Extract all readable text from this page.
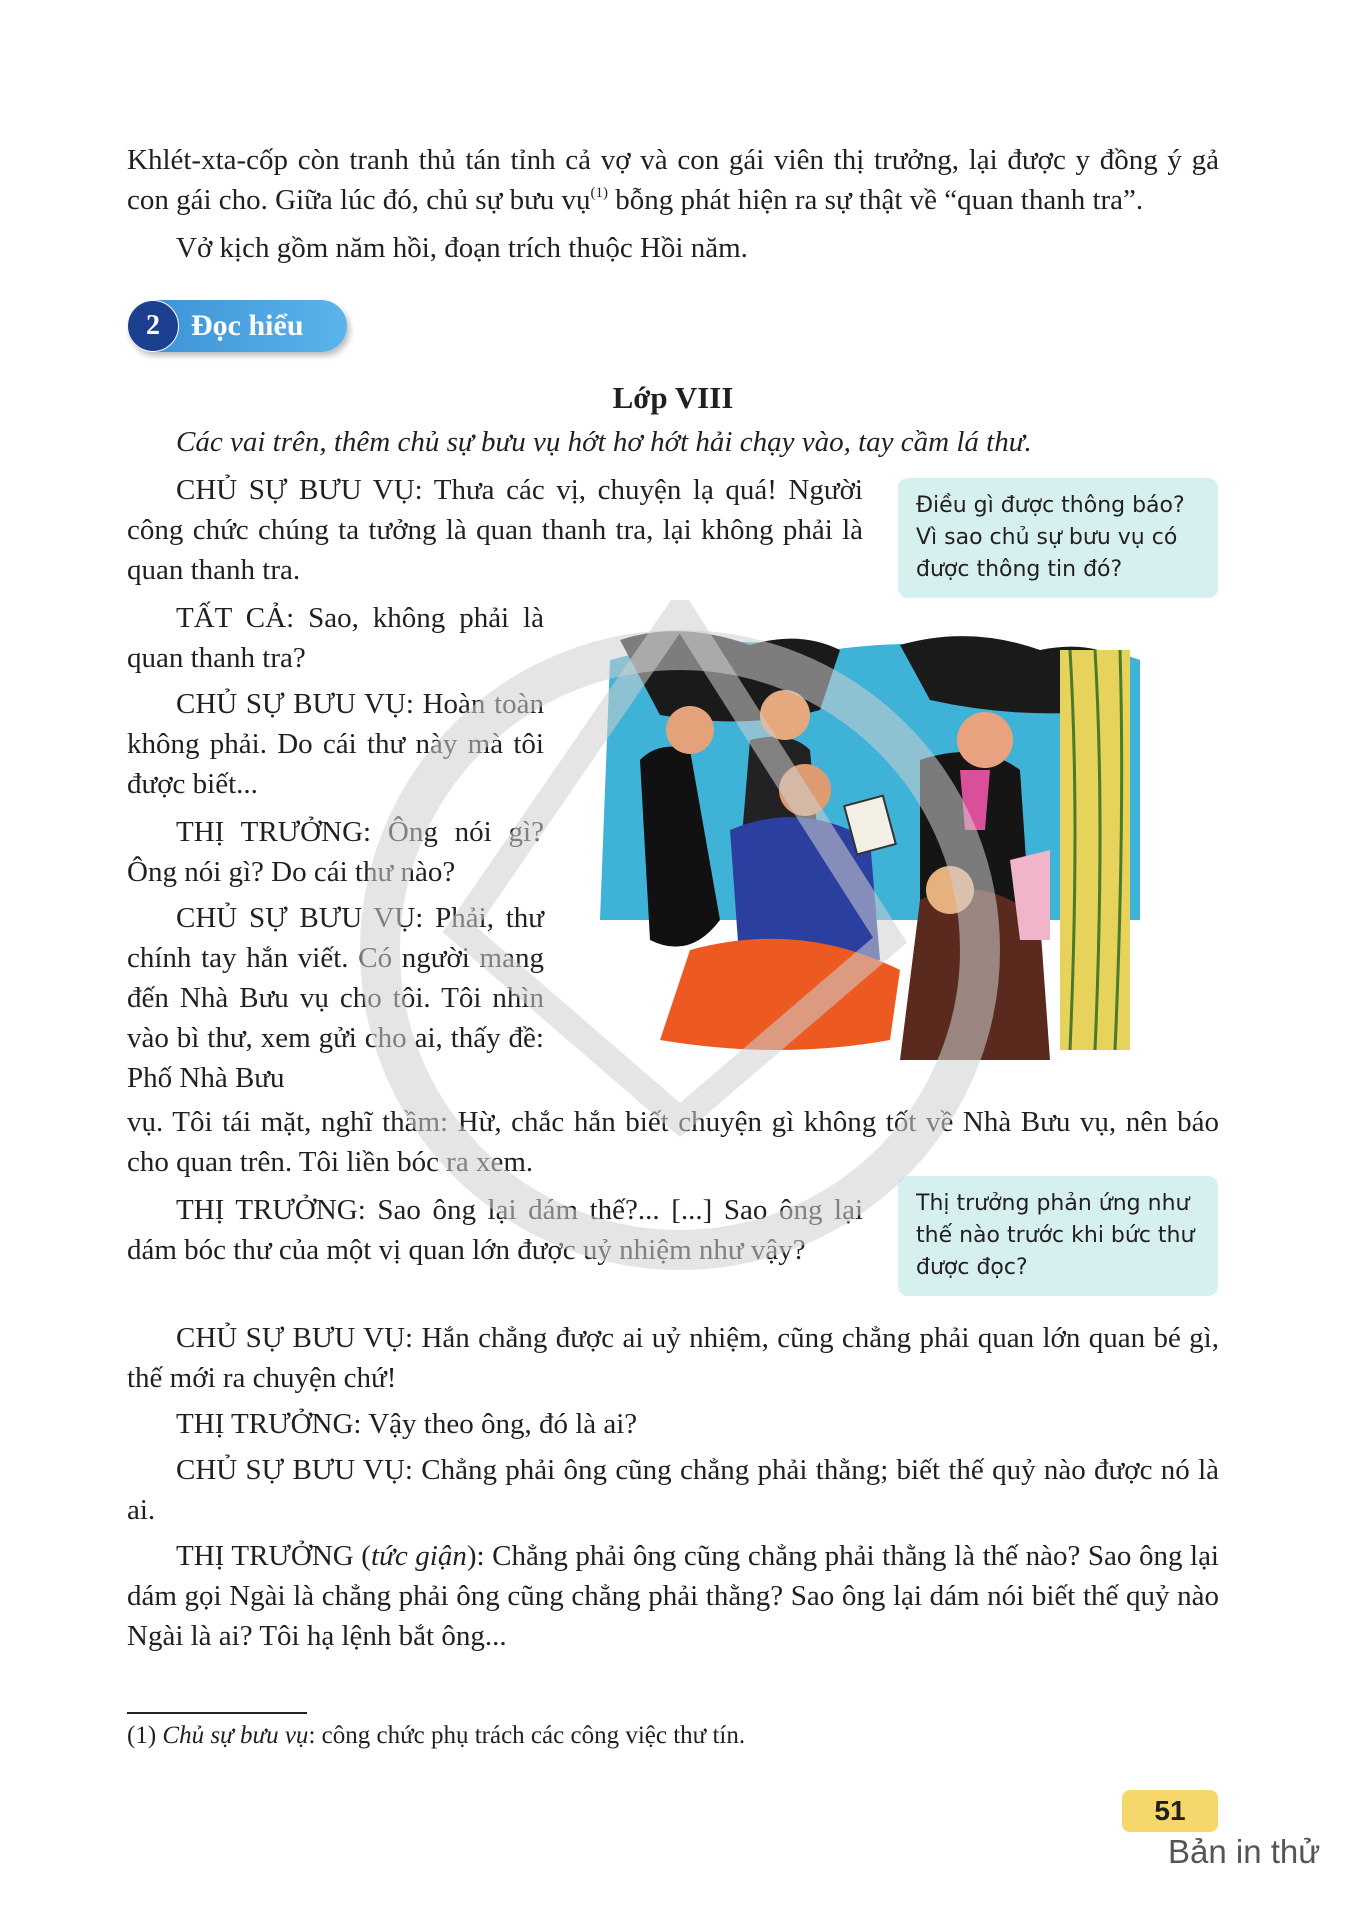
Khlét-xta-cốp còn tranh thủ tán tỉnh cả vợ và con gái viên thị trưởng, lại được y đồng ý gả con gái cho. Giữa lúc đó, chủ sự bưu vụ$^{(1)}$ bỗng phát hiện ra sự thật về “quan thanh tra”.
Vở kịch gồm năm hồi, đoạn trích thuộc Hồi năm.
2	Đọc hiểu
Lớp VIII
Các vai trên, thêm chủ sự bưu vụ hớt hơ hớt hải chạy vào, tay cầm lá thư.
CHỦ SỰ BƯU VỤ: Thưa các vị, chuyện lạ quá! Người công chức chúng ta tưởng là quan thanh tra, lại không phải là quan thanh tra.
TẤT CẢ: Sao, không phải là quan thanh tra?
CHỦ SỰ BƯU VỤ: Hoàn toàn không phải. Do cái thư này mà tôi được biết...
THỊ TRƯỞNG: Ông nói gì? Ông nói gì? Do cái thư nào?
CHỦ SỰ BƯU VỤ: Phải, thư chính tay hắn viết. Có người mang đến Nhà Bưu vụ cho tôi. Tôi nhìn vào bì thư, xem gửi cho ai, thấy đề: Phố Nhà Bưu
vụ. Tôi tái mặt, nghĩ thầm: Hừ, chắc hắn biết chuyện gì không tốt về Nhà Bưu vụ, nên báo cho quan trên. Tôi liền bóc ra xem.
THỊ TRƯỞNG: Sao ông lại dám thế?... [...] Sao ông lại dám bóc thư của một vị quan lớn được uỷ nhiệm như vậy?
CHỦ SỰ BƯU VỤ: Hắn chẳng được ai uỷ nhiệm, cũng chẳng phải quan lớn quan bé gì, thế mới ra chuyện chứ!
THỊ TRƯỞNG: Vậy theo ông, đó là ai?
CHỦ SỰ BƯU VỤ: Chẳng phải ông cũng chẳng phải thằng; biết thế quỷ nào được nó là ai.
THỊ TRƯỞNG (tức giận): Chẳng phải ông cũng chẳng phải thằng là thế nào? Sao ông lại dám gọi Ngài là chẳng phải ông cũng chẳng phải thằng? Sao ông lại dám nói biết thế quỷ nào Ngài là ai? Tôi hạ lệnh bắt ông...
Điều gì được thông báo? Vì sao chủ sự bưu vụ có được thông tin đó?
Thị trưởng phản ứng như thế nào trước khi bức thư được đọc?
(1) Chủ sự bưu vụ: công chức phụ trách các công việc thư tín.
51
Bản in thử
